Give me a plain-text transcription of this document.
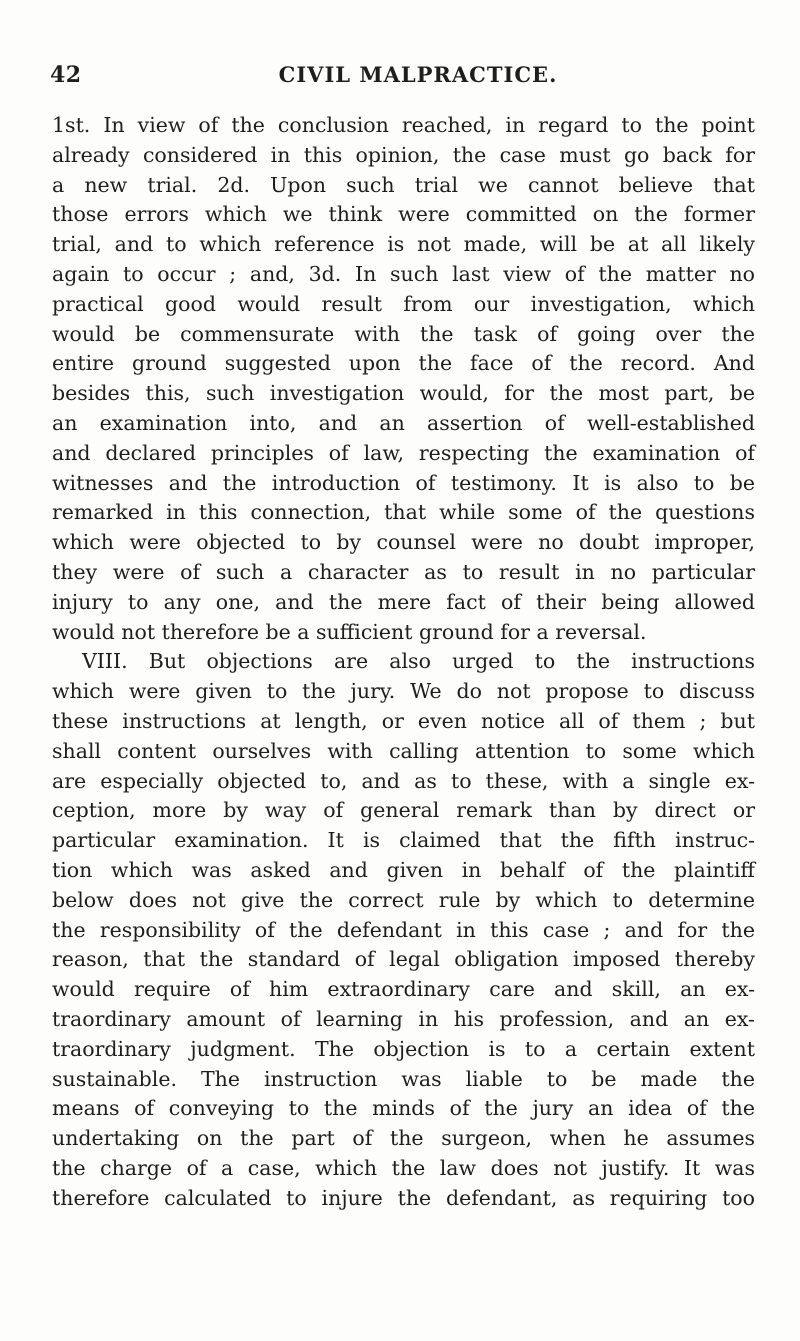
42	CIVIL MALPRACTICE.
1st. In view of the conclusion reached, in regard to the point
already considered in this opinion, the case must go back for
a new trial. 2d. Upon such trial we cannot believe that
those errors which we think were committed on the former
trial, and to which reference is not made, will be at all likely
again to occur ; and, 3d. In such last view of the matter no
practical good would result from our investigation, which
would be commensurate with the task of going over the
entire ground suggested upon the face of the record. And
besides this, such investigation would, for the most part, be
an examination into, and an assertion of well-established
and declared principles of law, respecting the examination of
witnesses and the introduction of testimony. It is also to be
remarked in this connection, that while some of the questions
which were objected to by counsel were no doubt improper,
they were of such a character as to result in no particular
injury to any one, and the mere fact of their being allowed
would not therefore be a sufficient ground for a reversal.
VIII. But objections are also urged to the instructions
which were given to the jury. We do not propose to discuss
these instructions at length, or even notice all of them ; but
shall content ourselves with calling attention to some which
are especially objected to, and as to these, with a single ex-
ception, more by way of general remark than by direct or
particular examination. It is claimed that the fifth instruc-
tion which was asked and given in behalf of the plaintiff
below does not give the correct rule by which to determine
the responsibility of the defendant in this case ; and for the
reason, that the standard of legal obligation imposed thereby
would require of him extraordinary care and skill, an ex-
traordinary amount of learning in his profession, and an ex-
traordinary judgment. The objection is to a certain extent
sustainable. The instruction was liable to be made the
means of conveying to the minds of the jury an idea of the
undertaking on the part of the surgeon, when he assumes
the charge of a case, which the law does not justify. It was
therefore calculated to injure the defendant, as requiring too
